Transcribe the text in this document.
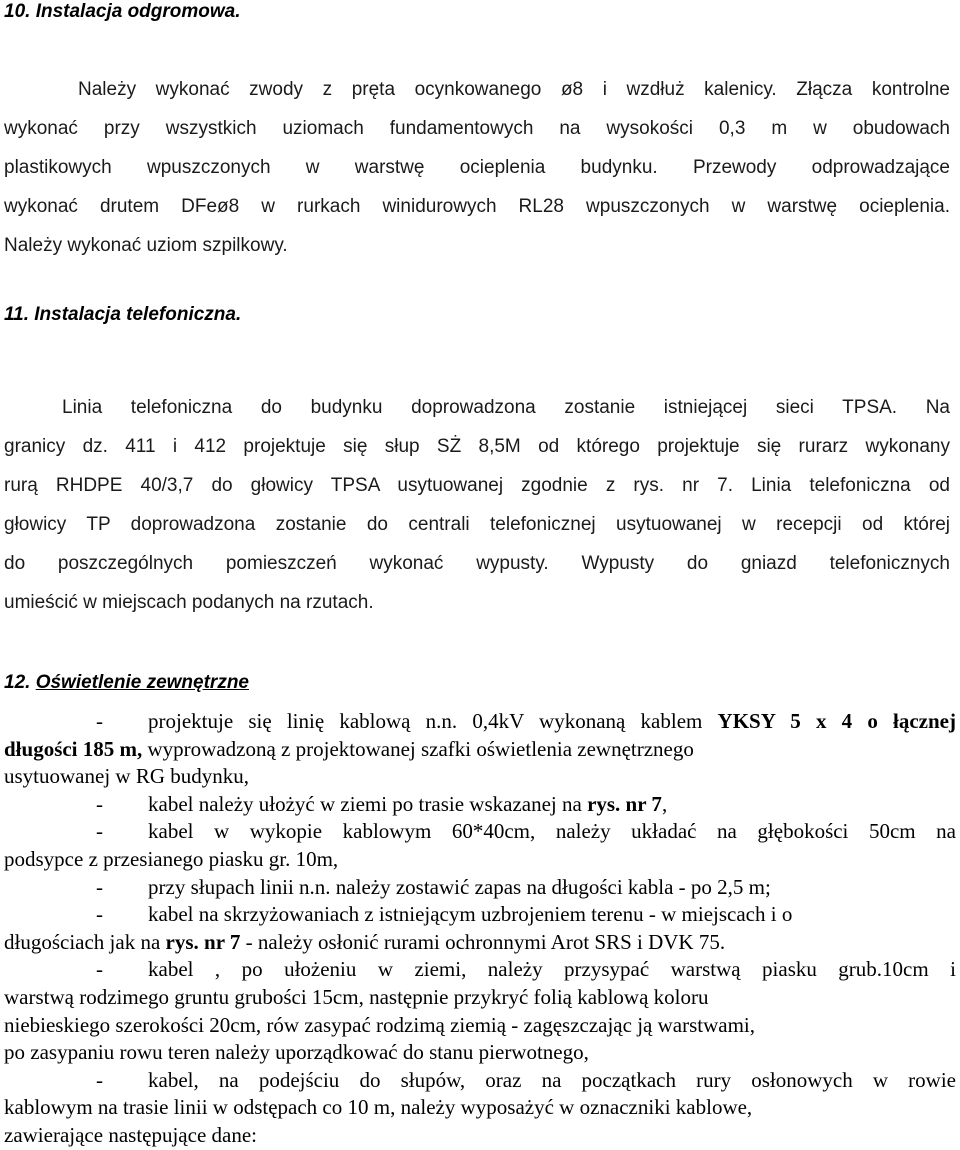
10. Instalacja odgromowa.
Należy wykonać zwody z pręta ocynkowanego ø8 i wzdłuż kalenicy. Złącza kontrolne
wykonać przy wszystkich uziomach fundamentowych na wysokości 0,3 m w obudowach
plastikowych wpuszczonych w warstwę ocieplenia budynku. Przewody odprowadzające
wykonać drutem DFeø8 w rurkach winidurowych RL28 wpuszczonych w warstwę ocieplenia.
Należy wykonać uziom szpilkowy.
11. Instalacja telefoniczna.
Linia telefoniczna do budynku doprowadzona zostanie istniejącej sieci TPSA. Na
granicy dz. 411 i 412 projektuje się słup SŻ 8,5M od którego projektuje się rurarz wykonany
rurą RHDPE 40/3,7 do głowicy TPSA usytuowanej zgodnie z rys. nr 7. Linia telefoniczna od
głowicy TP doprowadzona zostanie do centrali telefonicznej usytuowanej w recepcji od której
do poszczególnych pomieszczeń wykonać wypusty. Wypusty do gniazd telefonicznych
umieścić w miejscach podanych na rzutach.
12. Oświetlenie zewnętrzne
- projektuje się linię kablową n.n. 0,4kV wykonaną kablem YKSY 5 x 4 o łącznej
długości 185 m, wyprowadzoną z projektowanej szafki oświetlenia zewnętrznego
usytuowanej w RG budynku,
- kabel należy ułożyć w ziemi po trasie wskazanej na rys. nr 7,
- kabel w wykopie kablowym 60*40cm, należy układać na głębokości 50cm na
podsypce z przesianego piasku gr. 10m,
- przy słupach linii n.n. należy zostawić zapas na długości kabla - po 2,5 m;
- kabel na skrzyżowaniach z istniejącym uzbrojeniem terenu - w miejscach i o
długościach jak na rys. nr 7 - należy osłonić rurami ochronnymi Arot SRS i DVK 75.
- kabel , po ułożeniu w ziemi, należy przysypać warstwą piasku grub.10cm i
warstwą rodzimego gruntu grubości 15cm, następnie przykryć folią kablową koloru
niebieskiego szerokości 20cm, rów zasypać rodzimą ziemią - zagęszczając ją warstwami,
po zasypaniu rowu teren należy uporządkować do stanu pierwotnego,
- kabel, na podejściu do słupów, oraz na początkach rury osłonowych w rowie
kablowym na trasie linii w odstępach co 10 m, należy wyposażyć w oznaczniki kablowe,
zawierające następujące dane:
